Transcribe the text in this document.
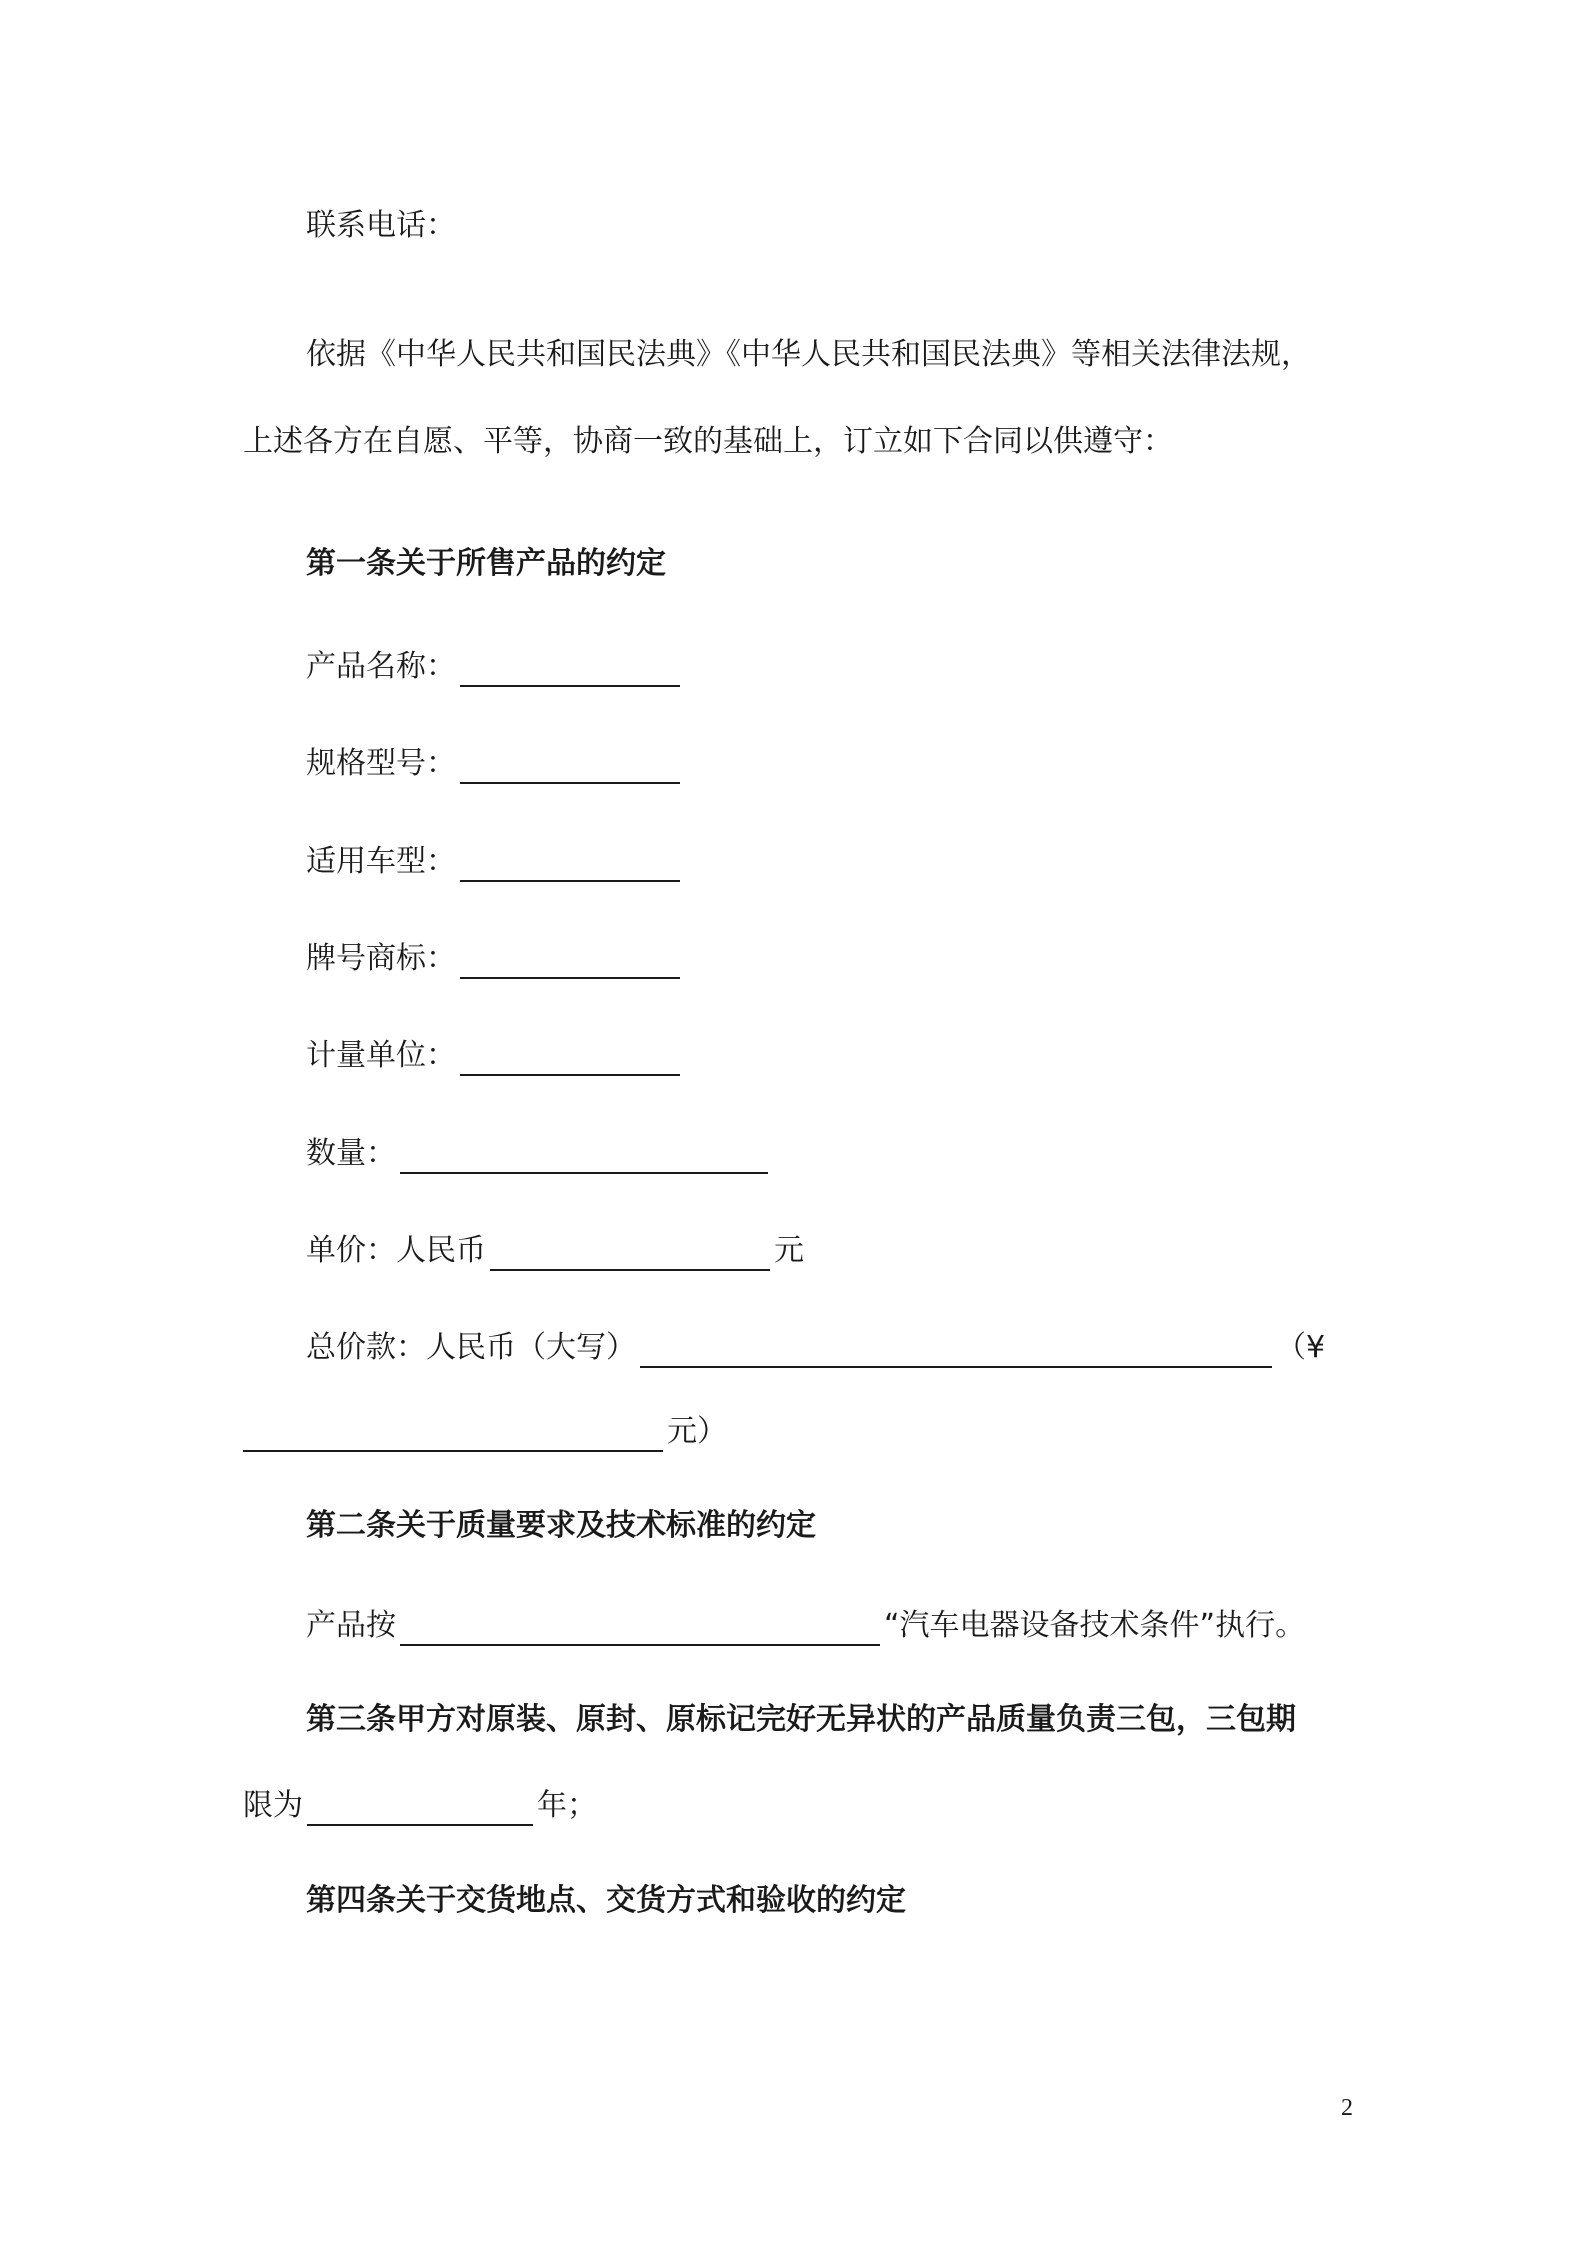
联系电话：
依据《中华人民共和国民法典》《中华人民共和国民法典》等相关法律法规，
上述各方在自愿、平等，协商一致的基础上，订立如下合同以供遵守：
第一条关于所售产品的约定
产品名称：
规格型号：
适用车型：
牌号商标：
计量单位：
数量：
单价：人民币	元
总价款：人民币（大写）	（¥
元）
第二条关于质量要求及技术标准的约定
产品按	“汽车电器设备技术条件”执行。
第三条甲方对原装、原封、原标记完好无异状的产品质量负责三包，三包期
限为	年；
第四条关于交货地点、交货方式和验收的约定
2
